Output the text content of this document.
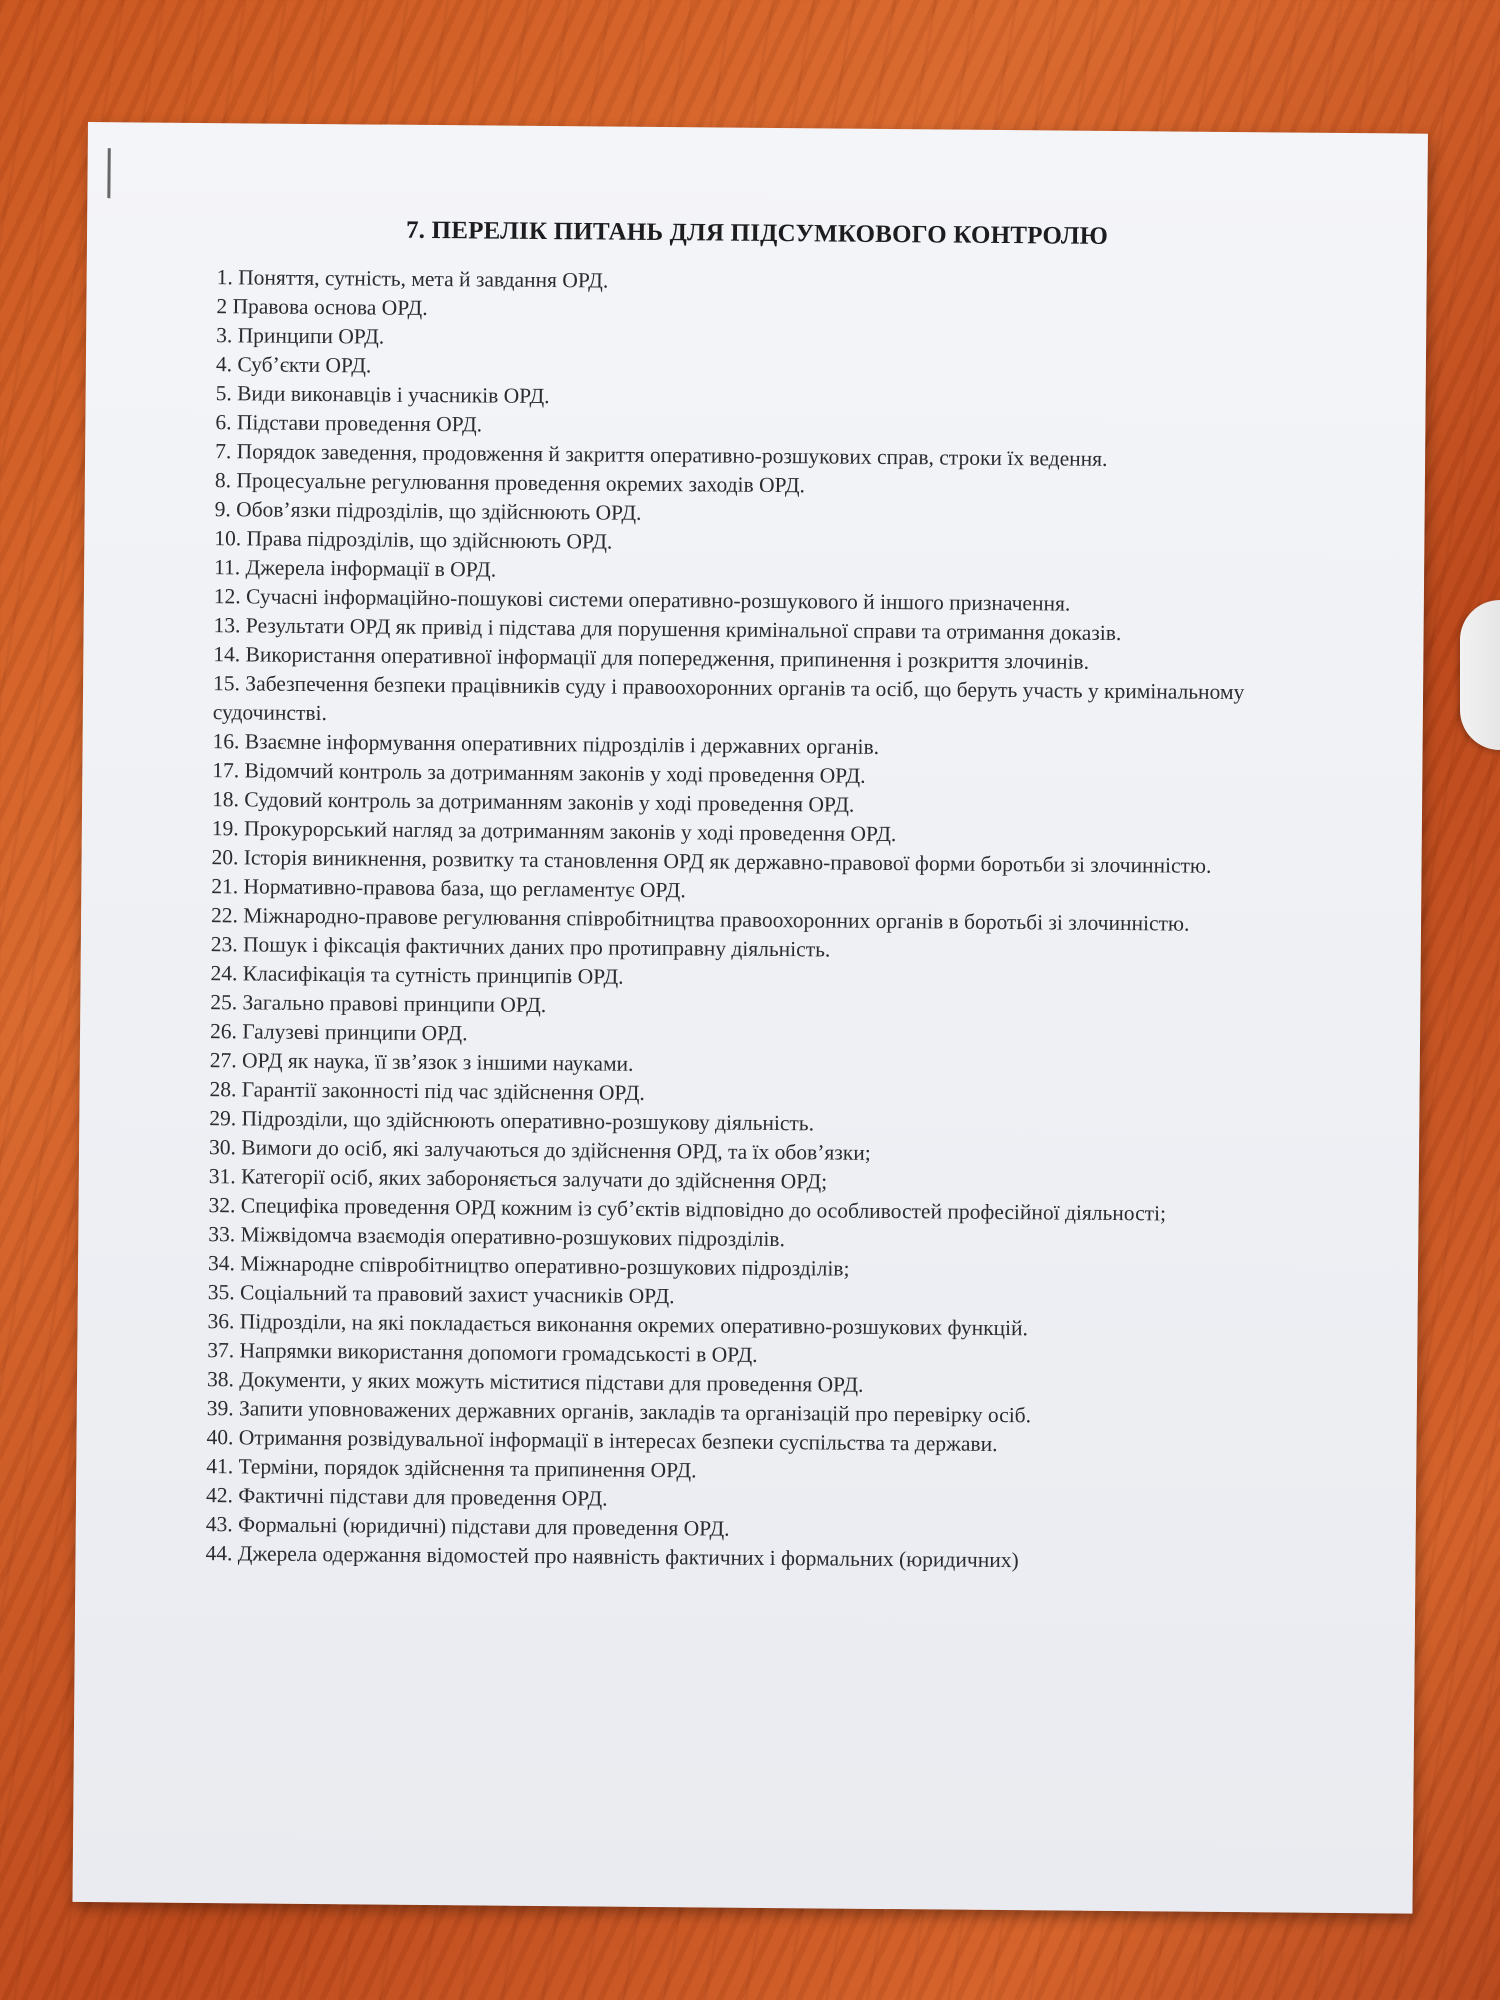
7. ПЕРЕЛІК ПИТАНЬ ДЛЯ ПІДСУМКОВОГО КОНТРОЛЮ
1. Поняття, сутність, мета й завдання ОРД.
2 Правова основа ОРД.
3. Принципи ОРД.
4. Суб’єкти ОРД.
5. Види виконавців і учасників ОРД.
6. Підстави проведення ОРД.
7. Порядок заведення, продовження й закриття оперативно-розшукових справ, строки їх ведення.
8. Процесуальне регулювання проведення окремих заходів ОРД.
9. Обов’язки підрозділів, що здійснюють ОРД.
10. Права підрозділів, що здійснюють ОРД.
11. Джерела інформації в ОРД.
12. Сучасні інформаційно-пошукові системи оперативно-розшукового й іншого призначення.
13. Результати ОРД як привід і підстава для порушення кримінальної справи та отримання доказів.
14. Використання оперативної інформації для попередження, припинення і розкриття злочинів.
15. Забезпечення безпеки працівників суду і правоохоронних органів та осіб, що беруть участь у кримінальному судочинстві.
16. Взаємне інформування оперативних підрозділів і державних органів.
17. Відомчий контроль за дотриманням законів у ході проведення ОРД.
18. Судовий контроль за дотриманням законів у ході проведення ОРД.
19. Прокурорський нагляд за дотриманням законів у ході проведення ОРД.
20. Історія виникнення, розвитку та становлення ОРД як державно-правової форми боротьби зі злочинністю.
21. Нормативно-правова база, що регламентує ОРД.
22. Міжнародно-правове регулювання співробітництва правоохоронних органів в боротьбі зі злочинністю.
23. Пошук і фіксація фактичних даних про протиправну діяльність.
24. Класифікація та сутність принципів ОРД.
25. Загально правові принципи ОРД.
26. Галузеві принципи ОРД.
27. ОРД як наука, її зв’язок з іншими науками.
28. Гарантії законності під час здійснення ОРД.
29. Підрозділи, що здійснюють оперативно-розшукову діяльність.
30. Вимоги до осіб, які залучаються до здійснення ОРД, та їх обов’язки;
31. Категорії осіб, яких забороняється залучати до здійснення ОРД;
32. Специфіка проведення ОРД кожним із суб’єктів відповідно до особливостей професійної діяльності;
33. Міжвідомча взаємодія оперативно-розшукових підрозділів.
34. Міжнародне співробітництво оперативно-розшукових підрозділів;
35. Соціальний та правовий захист учасників ОРД.
36. Підрозділи, на які покладається виконання окремих оперативно-розшукових функцій.
37. Напрямки використання допомоги громадськості в ОРД.
38. Документи, у яких можуть міститися підстави для проведення ОРД.
39. Запити уповноважених державних органів, закладів та організацій про перевірку осіб.
40. Отримання розвідувальної інформації в інтересах безпеки суспільства та держави.
41. Терміни, порядок здійснення та припинення ОРД.
42. Фактичні підстави для проведення ОРД.
43. Формальні (юридичні) підстави для проведення ОРД.
44. Джерела одержання відомостей про наявність фактичних і формальних (юридичних)
